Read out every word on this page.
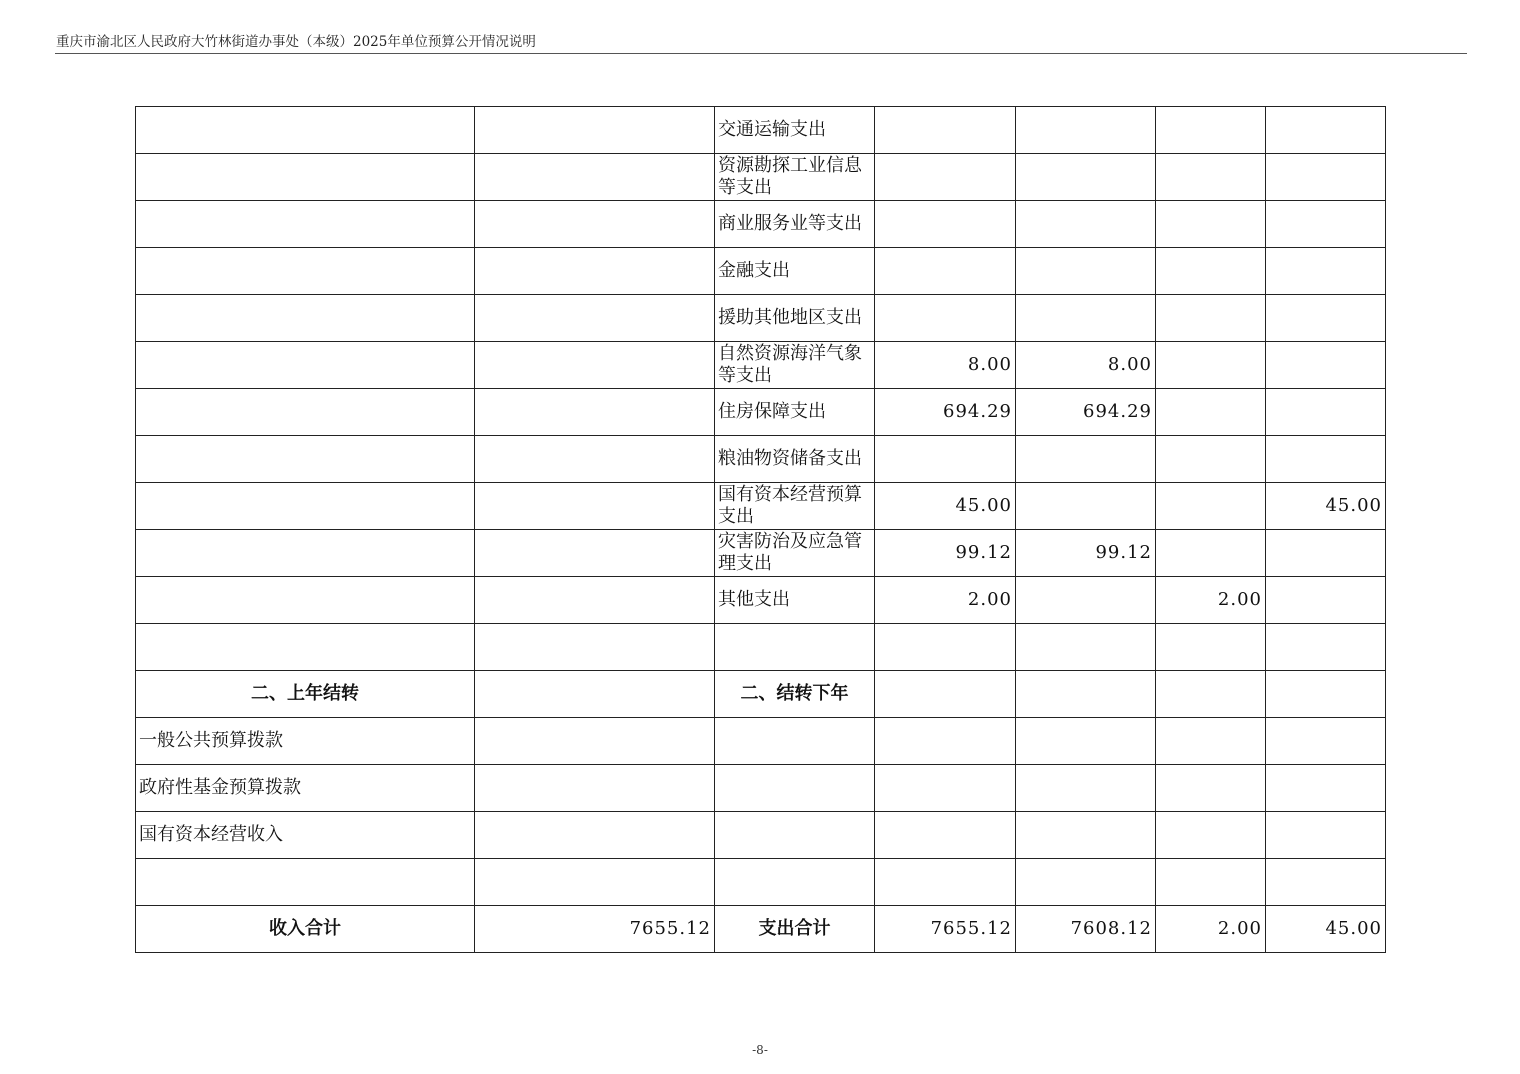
重庆市渝北区人民政府大竹林街道办事处（本级）2025年单位预算公开情况说明
		交通运输支出				
		资源勘探工业信息等支出				
		商业服务业等支出				
		金融支出				
		援助其他地区支出				
		自然资源海洋气象等支出	8.00	8.00		
		住房保障支出	694.29	694.29		
		粮油物资储备支出				
		国有资本经营预算支出	45.00			45.00
		灾害防治及应急管理支出	99.12	99.12		
		其他支出	2.00		2.00	

二、上年结转		二、结转下年				
一般公共预算拨款						
政府性基金预算拨款						
国有资本经营收入						

收入合计	7655.12	支出合计	7655.12	7608.12	2.00	45.00
-8-
